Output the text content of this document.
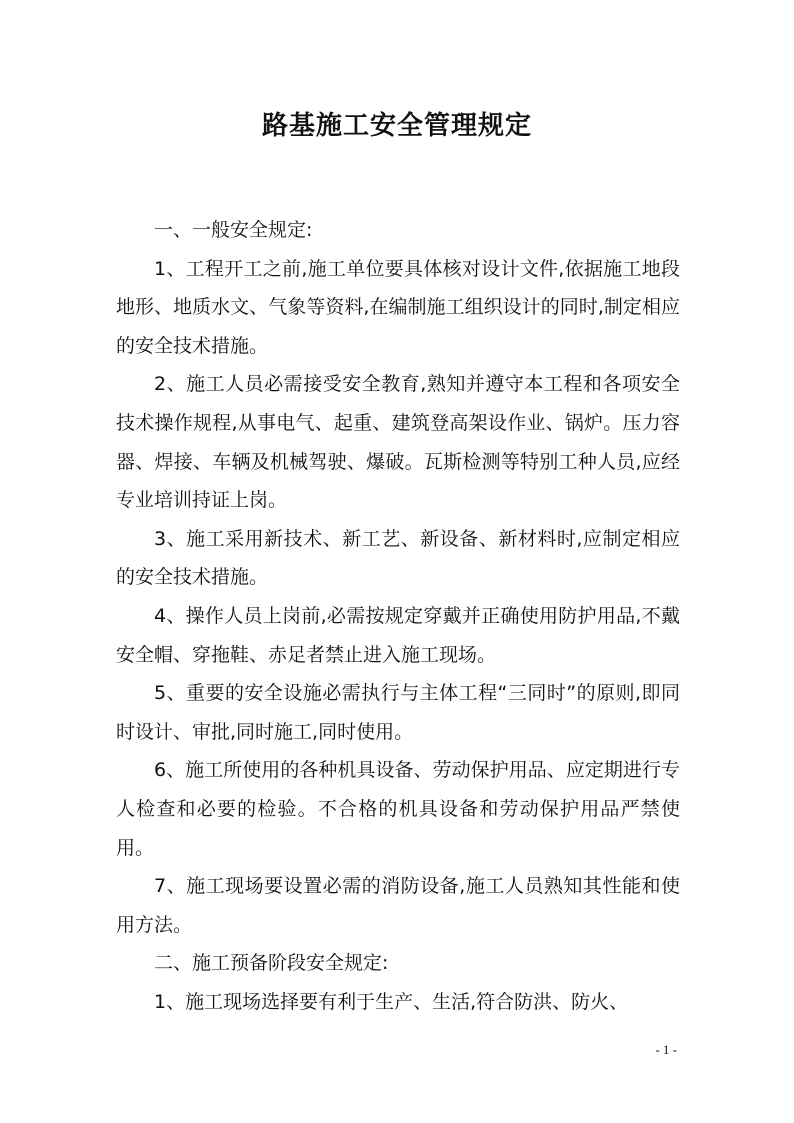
路基施工安全管理规定

一、一般安全规定:

1、工程开工之前,施工单位要具体核对设计文件,依据施工地段地形、地质水文、气象等资料,在编制施工组织设计的同时,制定相应的安全技术措施。

2、施工人员必需接受安全教育,熟知并遵守本工程和各项安全技术操作规程,从事电气、起重、建筑登高架设作业、锅炉。压力容器、焊接、车辆及机械驾驶、爆破。瓦斯检测等特别工种人员,应经专业培训持证上岗。

3、施工采用新技术、新工艺、新设备、新材料时,应制定相应的安全技术措施。

4、操作人员上岗前,必需按规定穿戴并正确使用防护用品,不戴安全帽、穿拖鞋、赤足者禁止进入施工现场。

5、重要的安全设施必需执行与主体工程“三同时”的原则,即同时设计、审批,同时施工,同时使用。

6、施工所使用的各种机具设备、劳动保护用品、应定期进行专人检查和必要的检验。不合格的机具设备和劳动保护用品严禁使用。

7、施工现场要设置必需的消防设备,施工人员熟知其性能和使用方法。

二、施工预备阶段安全规定:

1、施工现场选择要有利于生产、生活,符合防洪、防火、

- 1 -
